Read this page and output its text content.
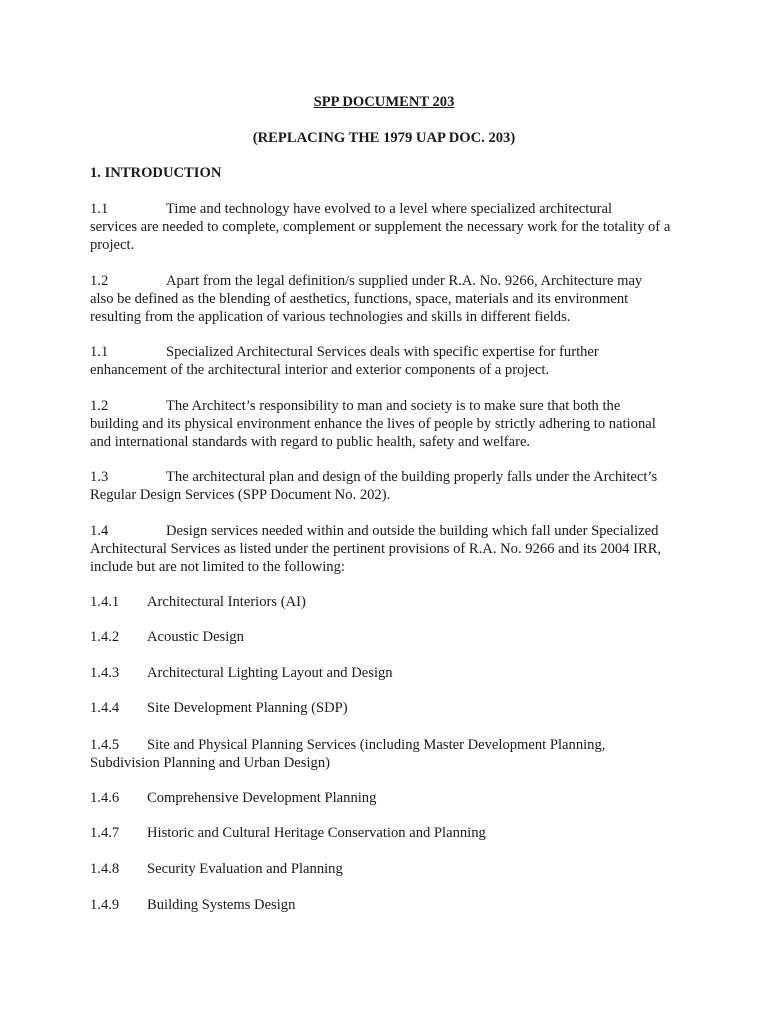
SPP DOCUMENT 203
(REPLACING THE 1979 UAP DOC. 203)
1. INTRODUCTION
1.1	Time and technology have evolved to a level where specialized architectural
services are needed to complete, complement or supplement the necessary work for the totality of a project.
1.2	Apart from the legal definition/s supplied under R.A. No. 9266, Architecture may
also be defined as the blending of aesthetics, functions, space, materials and its environment resulting from the application of various technologies and skills in different fields.
1.1	Specialized Architectural Services deals with specific expertise for further
enhancement of the architectural interior and exterior components of a project.
1.2	The Architect’s responsibility to man and society is to make sure that both the
building and its physical environment enhance the lives of people by strictly adhering to national and international standards with regard to public health, safety and welfare.
1.3	The architectural plan and design of the building properly falls under the Architect’s
Regular Design Services (SPP Document No. 202).
1.4	Design services needed within and outside the building which fall under Specialized
Architectural Services as listed under the pertinent provisions of R.A. No. 9266 and its 2004 IRR, include but are not limited to the following:
1.4.1 Architectural Interiors (AI)
1.4.2 Acoustic Design
1.4.3 Architectural Lighting Layout and Design
1.4.4 Site Development Planning (SDP)
1.4.5 Site and Physical Planning Services (including Master Development Planning,
Subdivision Planning and Urban Design)
1.4.6 Comprehensive Development Planning
1.4.7 Historic and Cultural Heritage Conservation and Planning
1.4.8 Security Evaluation and Planning
1.4.9 Building Systems Design
